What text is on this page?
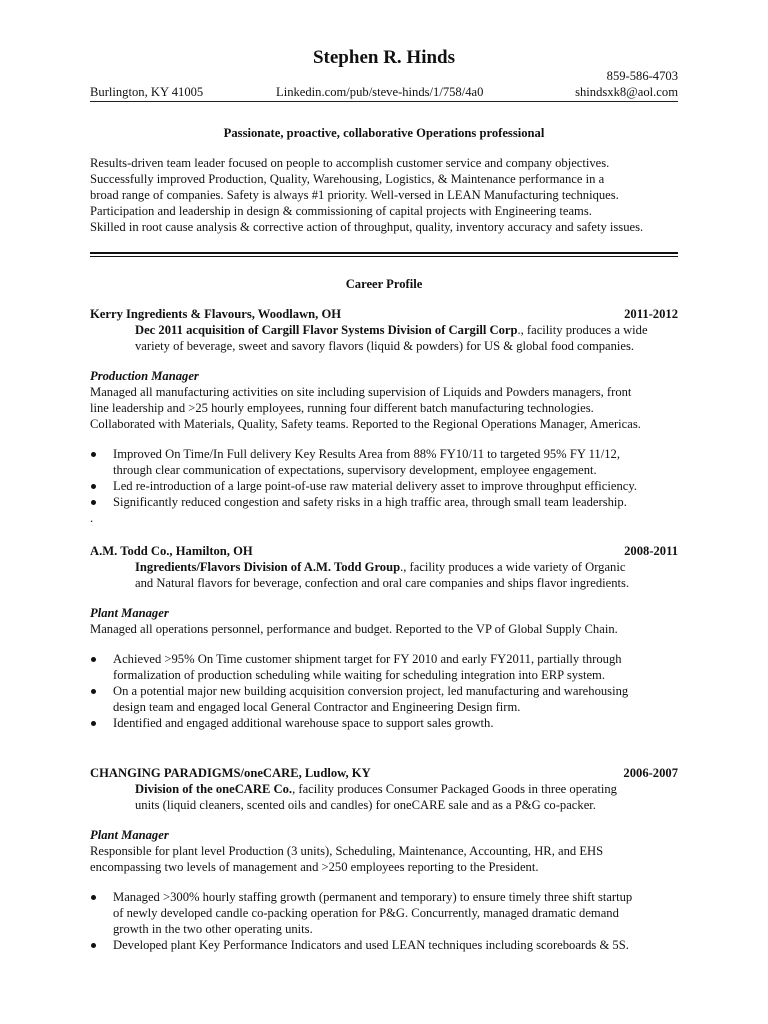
Stephen R. Hinds
Burlington, KY 41005	Linkedin.com/pub/steve-hinds/1/758/4a0
859-586-4703
shindsxk8@aol.com
Passionate, proactive, collaborative Operations professional
Results-driven team leader focused on people to accomplish customer service and company objectives.
Successfully improved Production, Quality, Warehousing, Logistics, & Maintenance performance in a
broad range of companies. Safety is always #1 priority. Well-versed in LEAN Manufacturing techniques.
Participation and leadership in design & commissioning of capital projects with Engineering teams.
Skilled in root cause analysis & corrective action of throughput, quality, inventory accuracy and safety issues.
Career Profile
Kerry Ingredients & Flavours, Woodlawn, OH	2011-2012
Dec 2011 acquisition of Cargill Flavor Systems Division of Cargill Corp., facility produces a wide
variety of beverage, sweet and savory flavors (liquid & powders) for US & global food companies.
Production Manager
Managed all manufacturing activities on site including supervision of Liquids and Powders managers, front
line leadership and >25 hourly employees, running four different batch manufacturing technologies.
Collaborated with Materials, Quality, Safety teams. Reported to the Regional Operations Manager, Americas.
Improved On Time/In Full delivery Key Results Area from 88% FY10/11 to targeted 95% FY 11/12,
through clear communication of expectations, supervisory development, employee engagement.
Led re-introduction of a large point-of-use raw material delivery asset to improve throughput efficiency.
Significantly reduced congestion and safety risks in a high traffic area, through small team leadership.
.
A.M. Todd Co., Hamilton, OH	2008-2011
Ingredients/Flavors Division of A.M. Todd Group., facility produces a wide variety of Organic
and Natural flavors for beverage, confection and oral care companies and ships flavor ingredients.
Plant Manager
Managed all operations personnel, performance and budget. Reported to the VP of Global Supply Chain.
Achieved >95% On Time customer shipment target for FY 2010 and early FY2011, partially through
formalization of production scheduling while waiting for scheduling integration into ERP system.
On a potential major new building acquisition conversion project, led manufacturing and warehousing
design team and engaged local General Contractor and Engineering Design firm.
Identified and engaged additional warehouse space to support sales growth.
CHANGING PARADIGMS/oneCARE, Ludlow, KY	2006-2007
Division of the oneCARE Co., facility produces Consumer Packaged Goods in three operating
units (liquid cleaners, scented oils and candles) for oneCARE sale and as a P&G co-packer.
Plant Manager
Responsible for plant level Production (3 units), Scheduling, Maintenance, Accounting, HR, and EHS
encompassing two levels of management and >250 employees reporting to the President.
Managed >300% hourly staffing growth (permanent and temporary) to ensure timely three shift startup
of newly developed candle co-packing operation for P&G. Concurrently, managed dramatic demand
growth in the two other operating units.
Developed plant Key Performance Indicators and used LEAN techniques including scoreboards & 5S.
